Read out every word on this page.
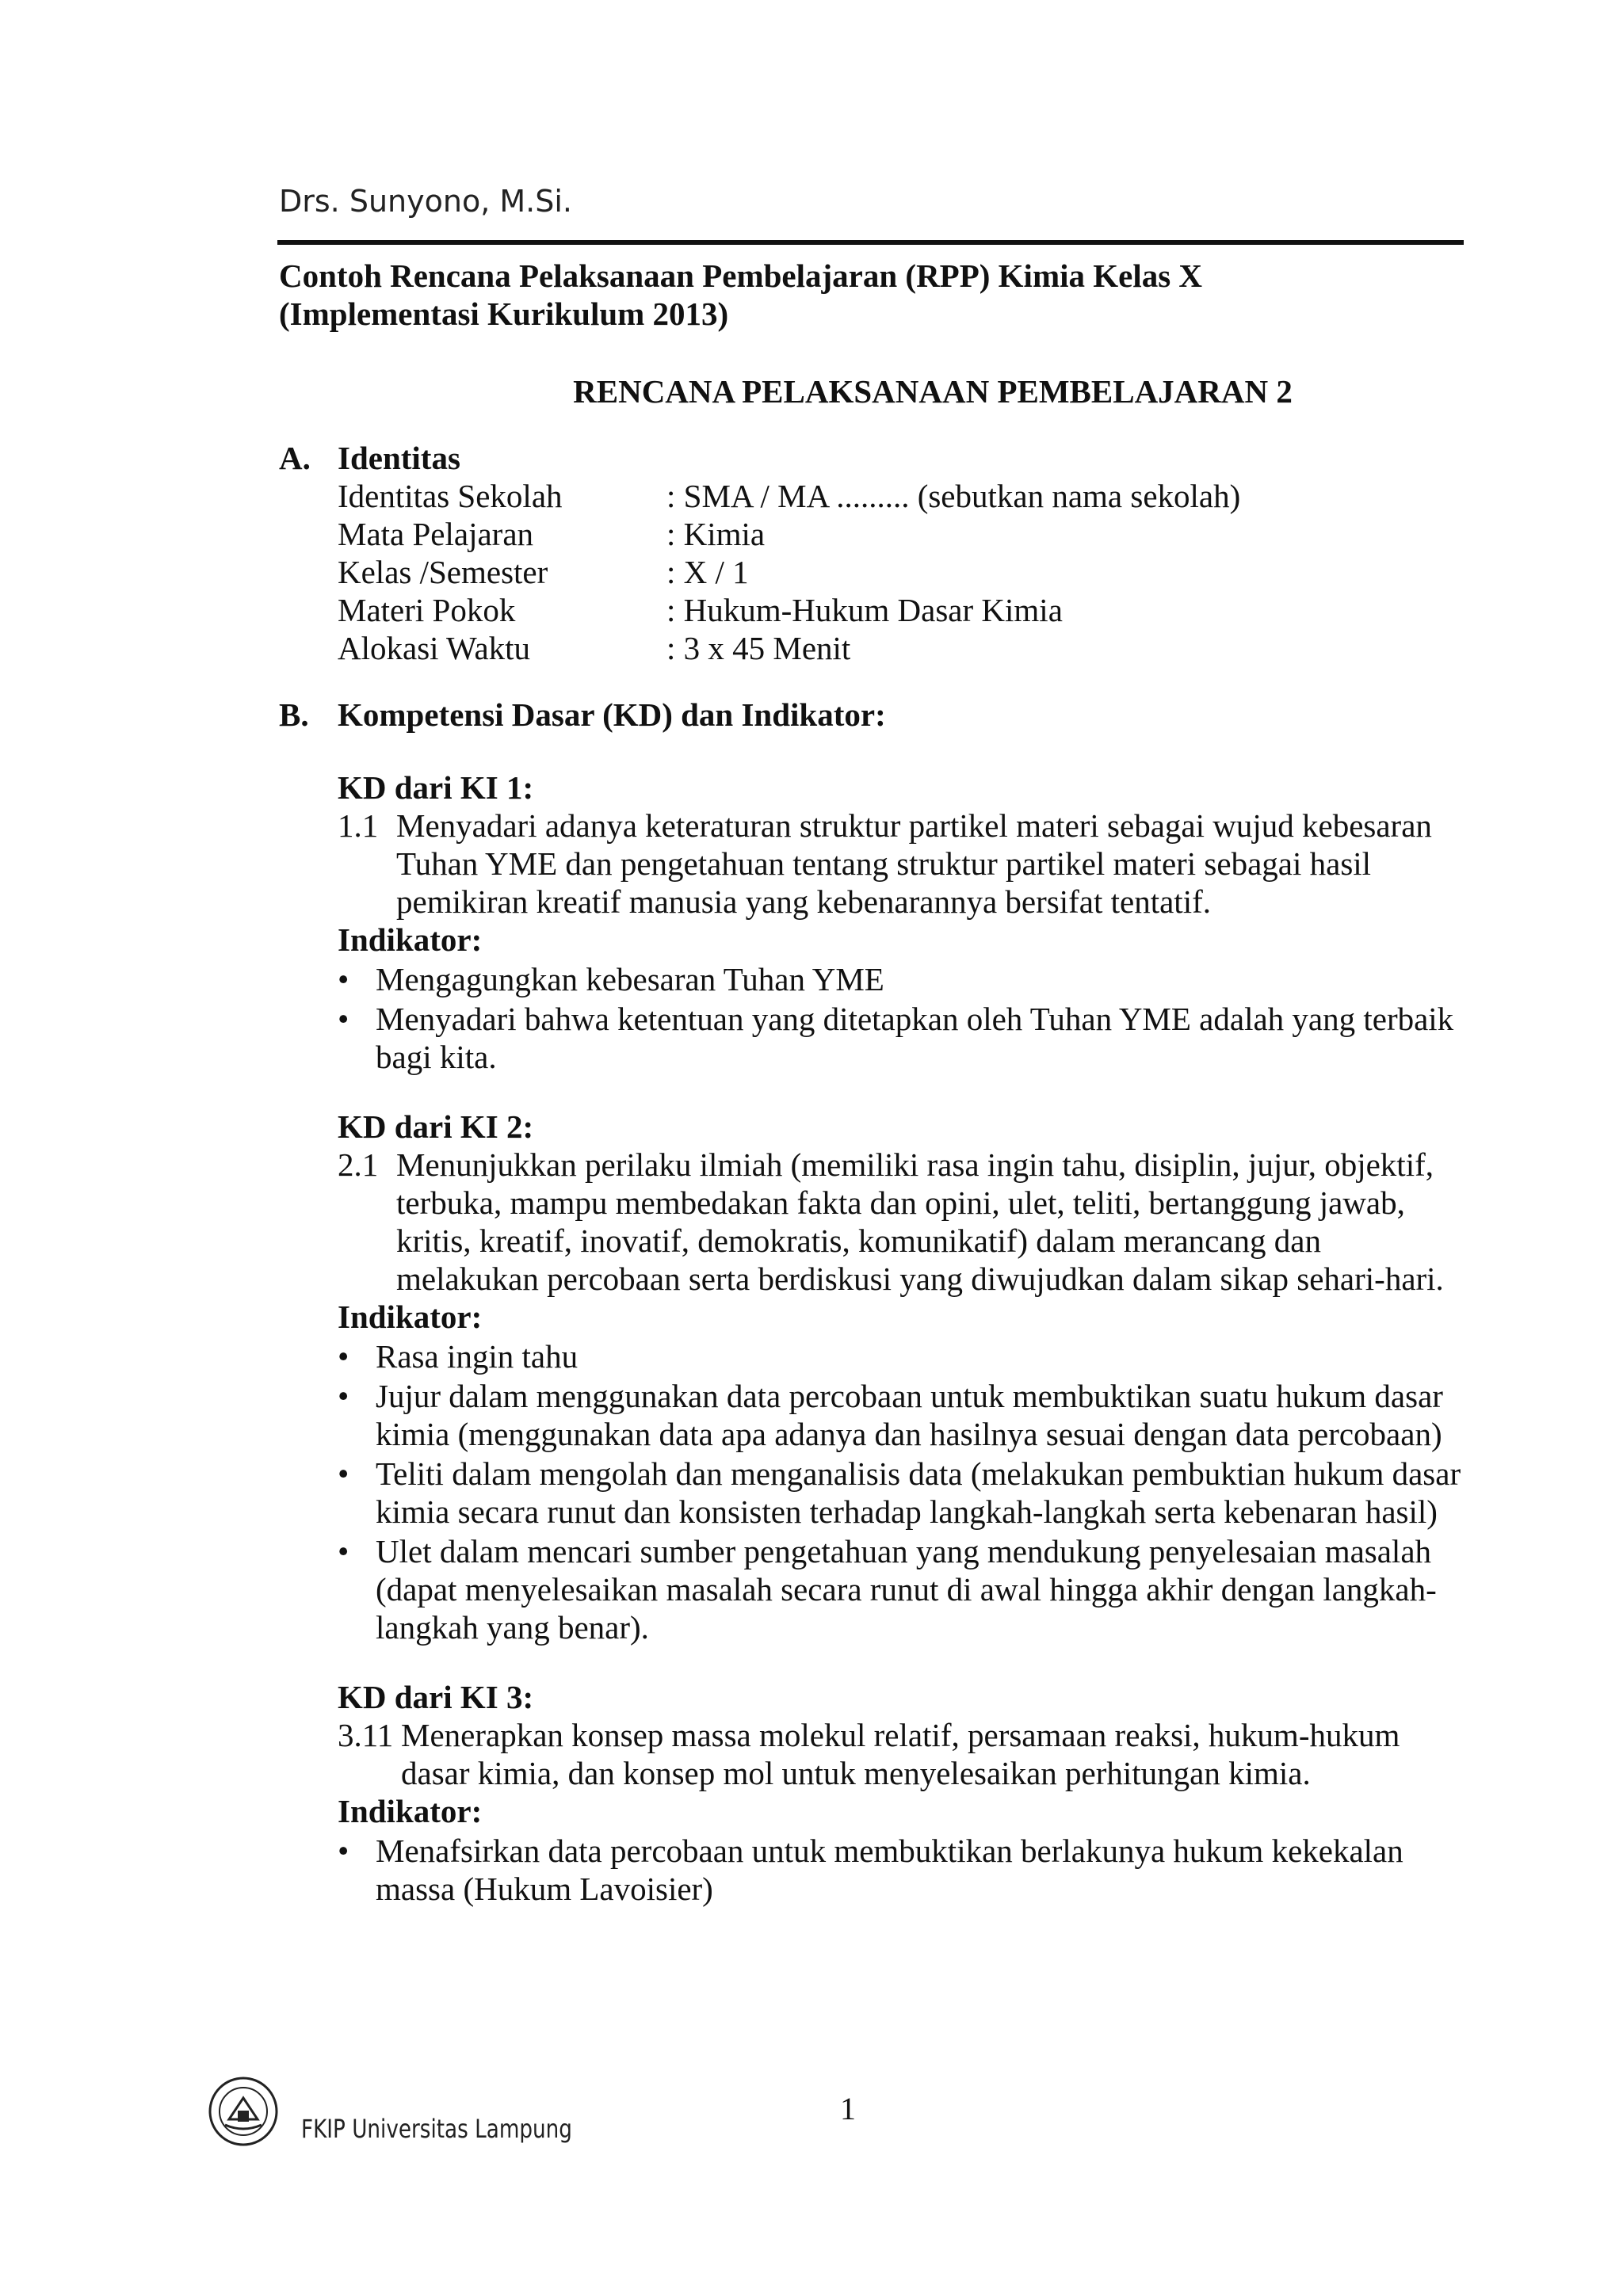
Drs. Sunyono, M.Si.
Contoh Rencana Pelaksanaan Pembelajaran (RPP) Kimia Kelas X
(Implementasi Kurikulum 2013)
RENCANA PELAKSANAAN PEMBELAJARAN 2
A. Identitas
Identitas Sekolah	: SMA / MA ......... (sebutkan nama sekolah)
Mata Pelajaran	: Kimia
Kelas /Semester	: X / 1
Materi Pokok	: Hukum-Hukum Dasar Kimia
Alokasi Waktu	: 3 x 45 Menit
B. Kompetensi Dasar (KD) dan Indikator:
KD dari KI 1:
1.1 Menyadari adanya keteraturan struktur partikel materi sebagai wujud kebesaran Tuhan YME dan pengetahuan tentang struktur partikel materi sebagai hasil pemikiran kreatif manusia yang kebenarannya bersifat tentatif.
Indikator:
• Mengagungkan kebesaran Tuhan YME
• Menyadari bahwa ketentuan yang ditetapkan oleh Tuhan YME adalah yang terbaik bagi kita.
KD dari KI 2:
2.1 Menunjukkan perilaku ilmiah (memiliki rasa ingin tahu, disiplin, jujur, objektif, terbuka, mampu membedakan fakta dan opini, ulet, teliti, bertanggung jawab, kritis, kreatif, inovatif, demokratis, komunikatif) dalam merancang dan melakukan percobaan serta berdiskusi yang diwujudkan dalam sikap sehari-hari.
Indikator:
• Rasa ingin tahu
• Jujur dalam menggunakan data percobaan untuk membuktikan suatu hukum dasar kimia (menggunakan data apa adanya dan hasilnya sesuai dengan data percobaan)
• Teliti dalam mengolah dan menganalisis data (melakukan pembuktian hukum dasar kimia secara runut dan konsisten terhadap langkah-langkah serta kebenaran hasil)
• Ulet dalam mencari sumber pengetahuan yang mendukung penyelesaian masalah (dapat menyelesaikan masalah secara runut di awal hingga akhir dengan langkah-langkah yang benar).
KD dari KI 3:
3.11 Menerapkan konsep massa molekul relatif, persamaan reaksi, hukum-hukum dasar kimia, dan konsep mol untuk menyelesaikan perhitungan kimia.
Indikator:
• Menafsirkan data percobaan untuk membuktikan berlakunya hukum kekekalan massa (Hukum Lavoisier)
1
FKIP Universitas Lampung
